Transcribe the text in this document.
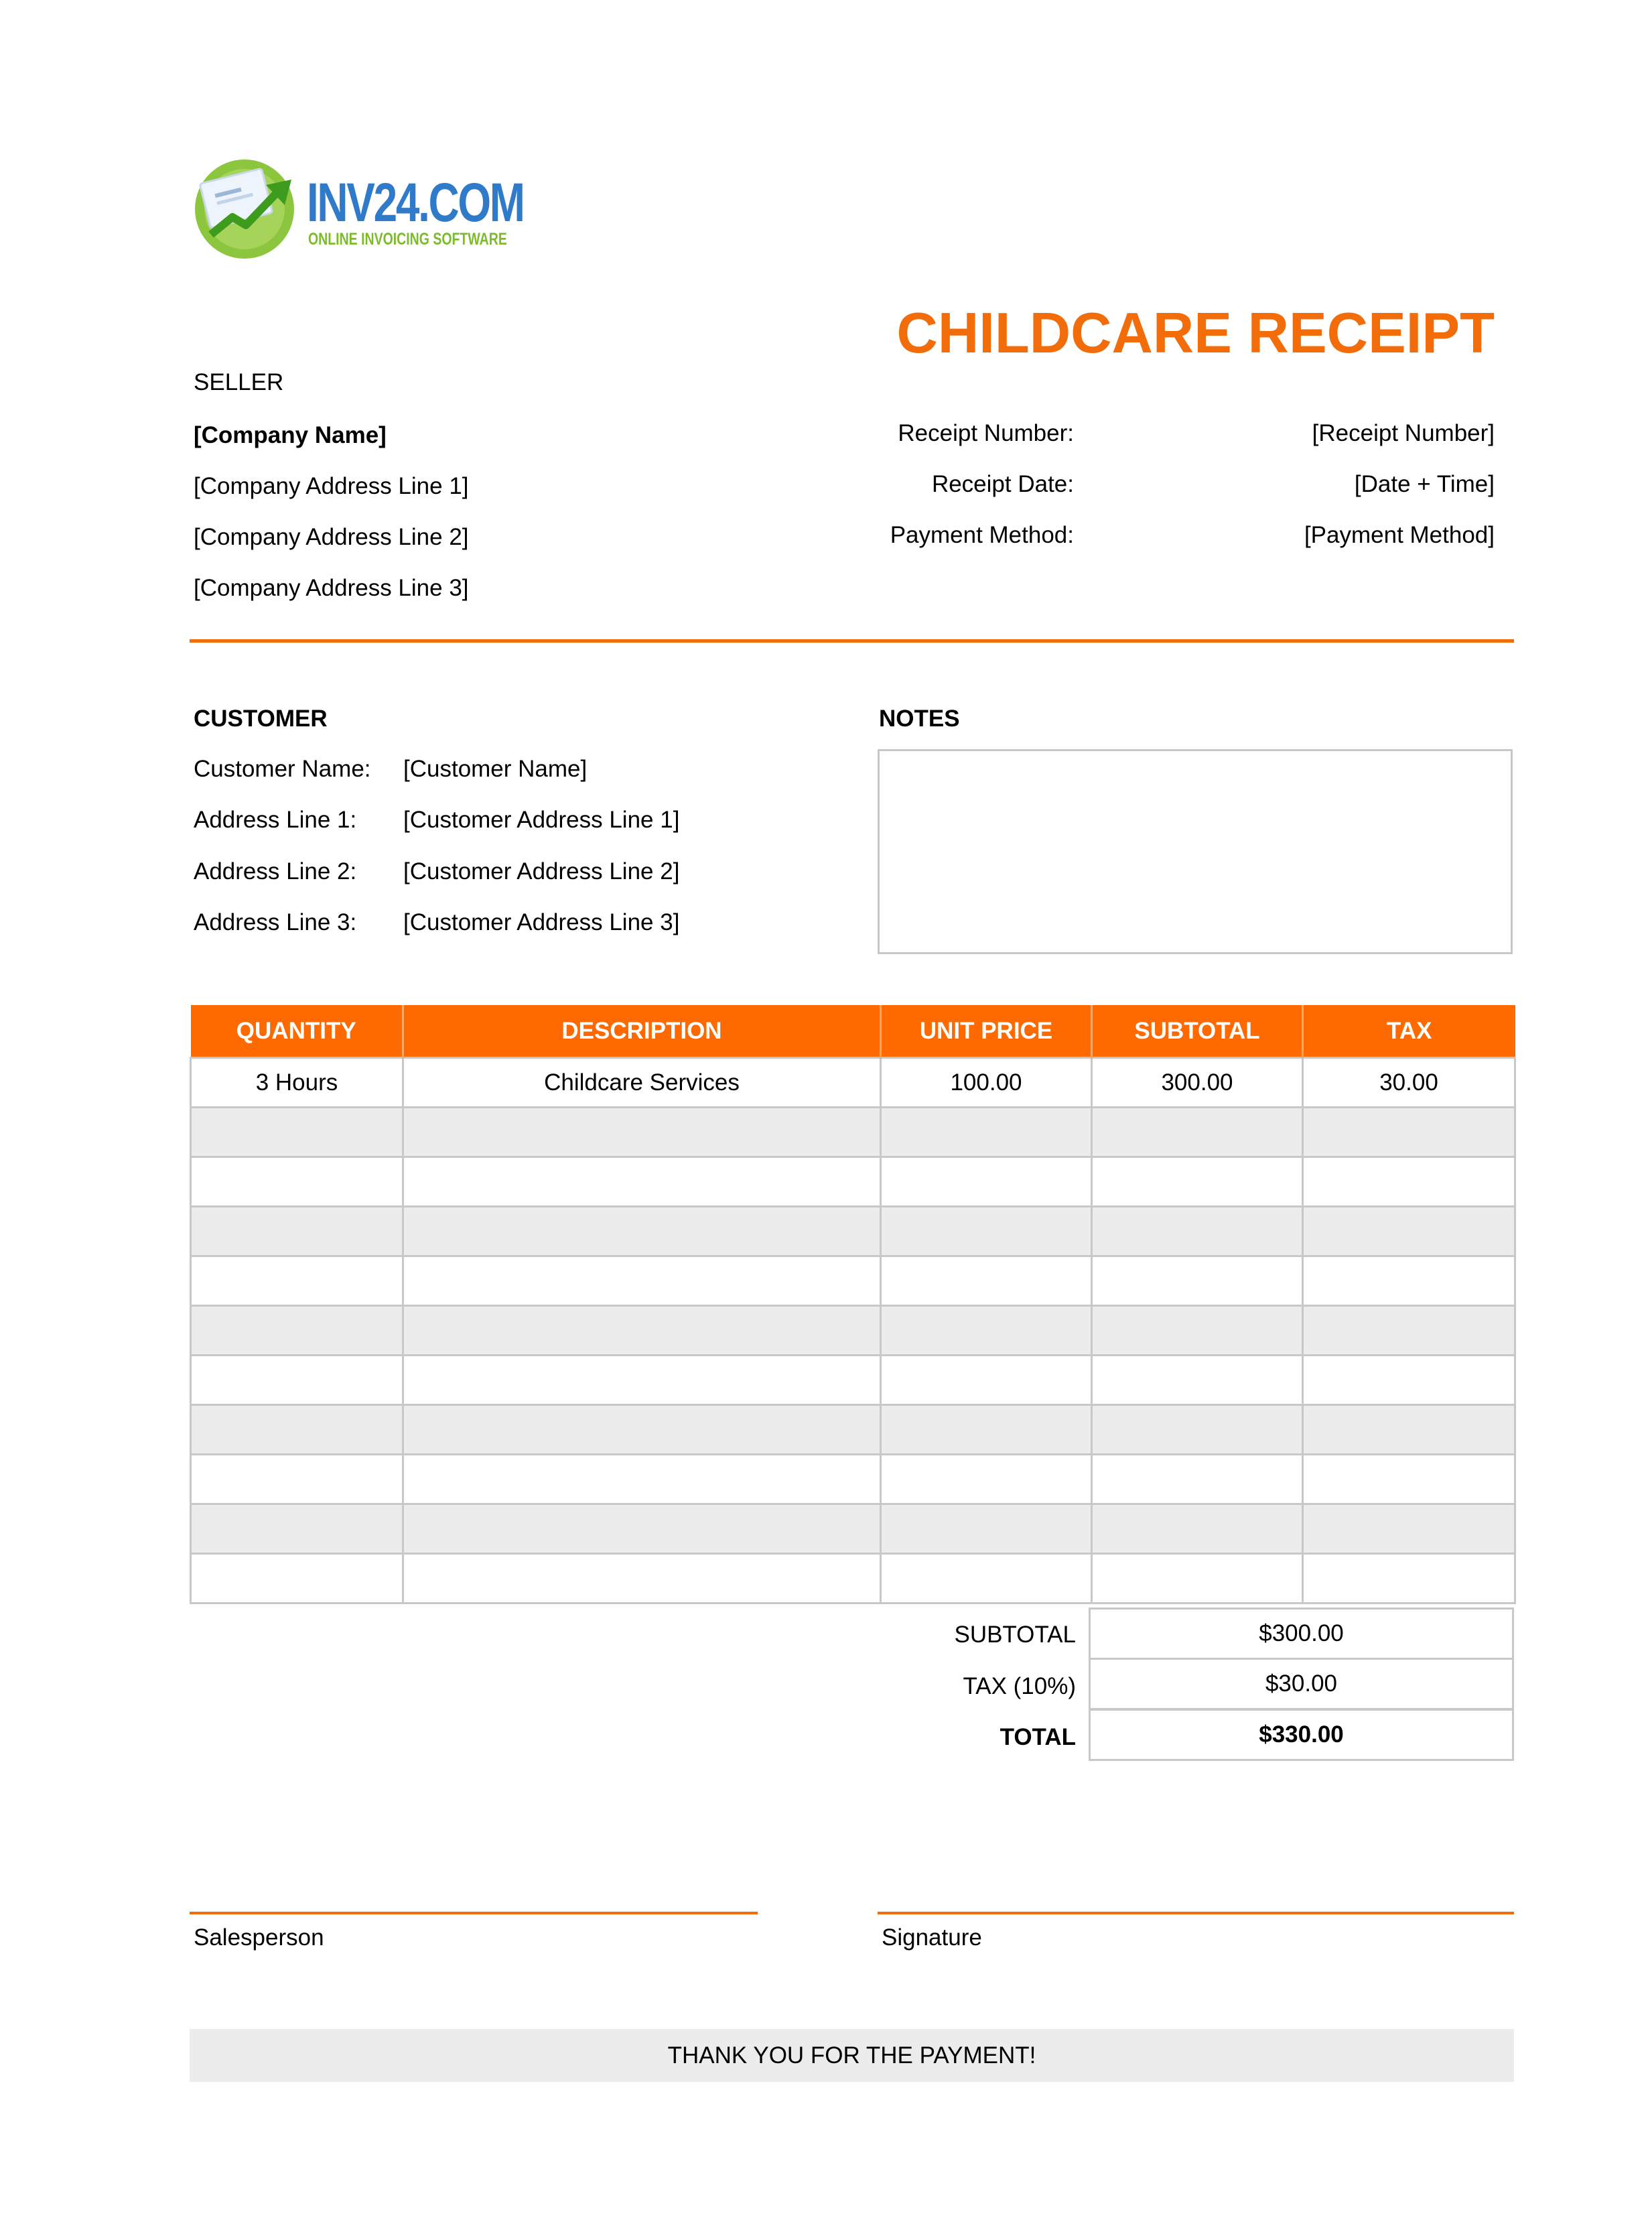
INV24.COM
ONLINE INVOICING SOFTWARE
CHILDCARE RECEIPT
SELLER
[Company Name]
[Company Address Line 1]
[Company Address Line 2]
[Company Address Line 3]
Receipt Number:	[Receipt Number]
Receipt Date:	[Date + Time]
Payment Method:	[Payment Method]
CUSTOMER
Customer Name: [Customer Name]
Address Line 1: [Customer Address Line 1]
Address Line 2: [Customer Address Line 2]
Address Line 3: [Customer Address Line 3]
NOTES
QUANTITY	DESCRIPTION	UNIT PRICE	SUBTOTAL	TAX
3 Hours	Childcare Services	100.00	300.00	30.00

SUBTOTAL	$300.00
TAX (10%)	$30.00
TOTAL	$330.00
Salesperson	Signature
THANK YOU FOR THE PAYMENT!
